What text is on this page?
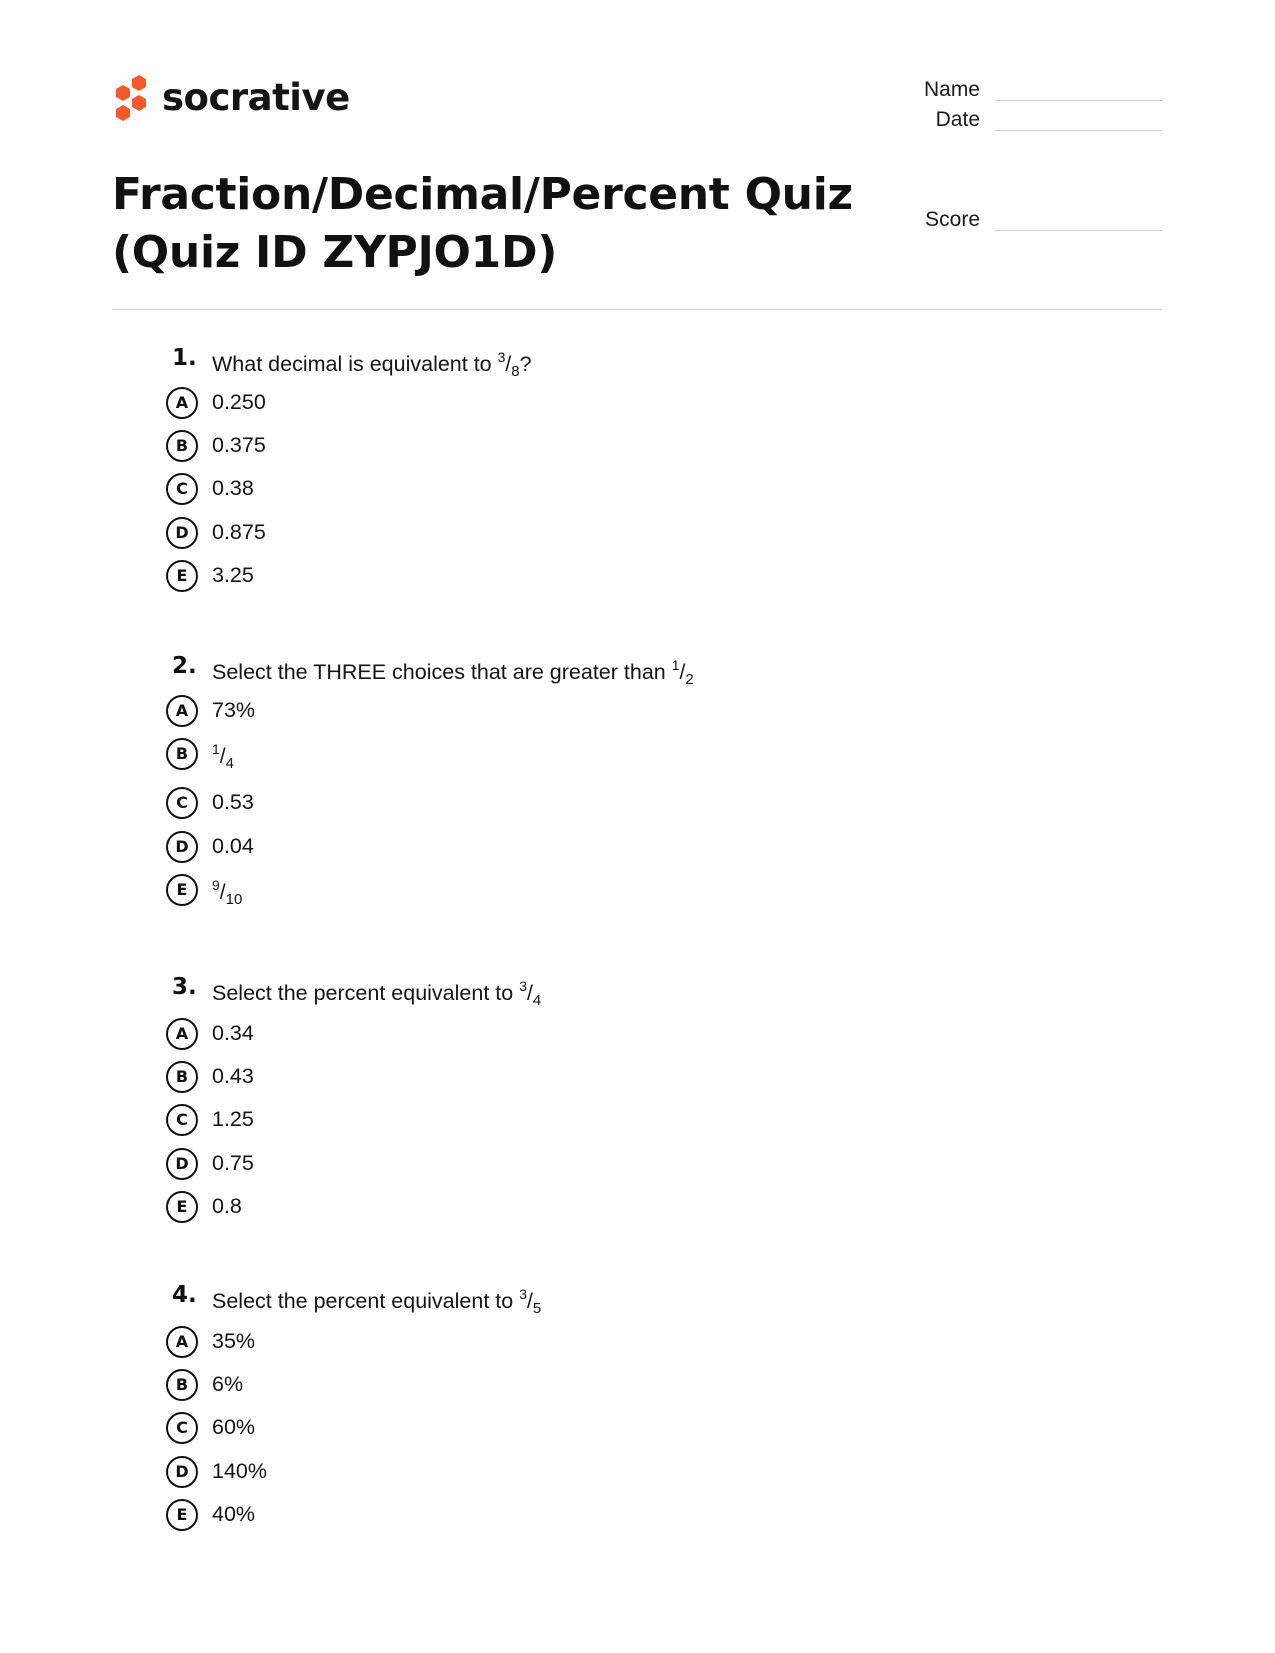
socrative	Name
Date
Score
Fraction/Decimal/Percent Quiz
(Quiz ID ZYPJO1D)
1. What decimal is equivalent to $^3/_8$?
A	0.250
B	0.375
C	0.38
D	0.875
E	3.25
2. Select the THREE choices that are greater than $^1/_2$
A	73%
B	$^1/_4$
C	0.53
D	0.04
E	$^9/_{10}$
3. Select the percent equivalent to $^3/_4$
A	0.34
B	0.43
C	1.25
D	0.75
E	0.8
4. Select the percent equivalent to $^3/_5$
A	35%
B	6%
C	60%
D	140%
E	40%
